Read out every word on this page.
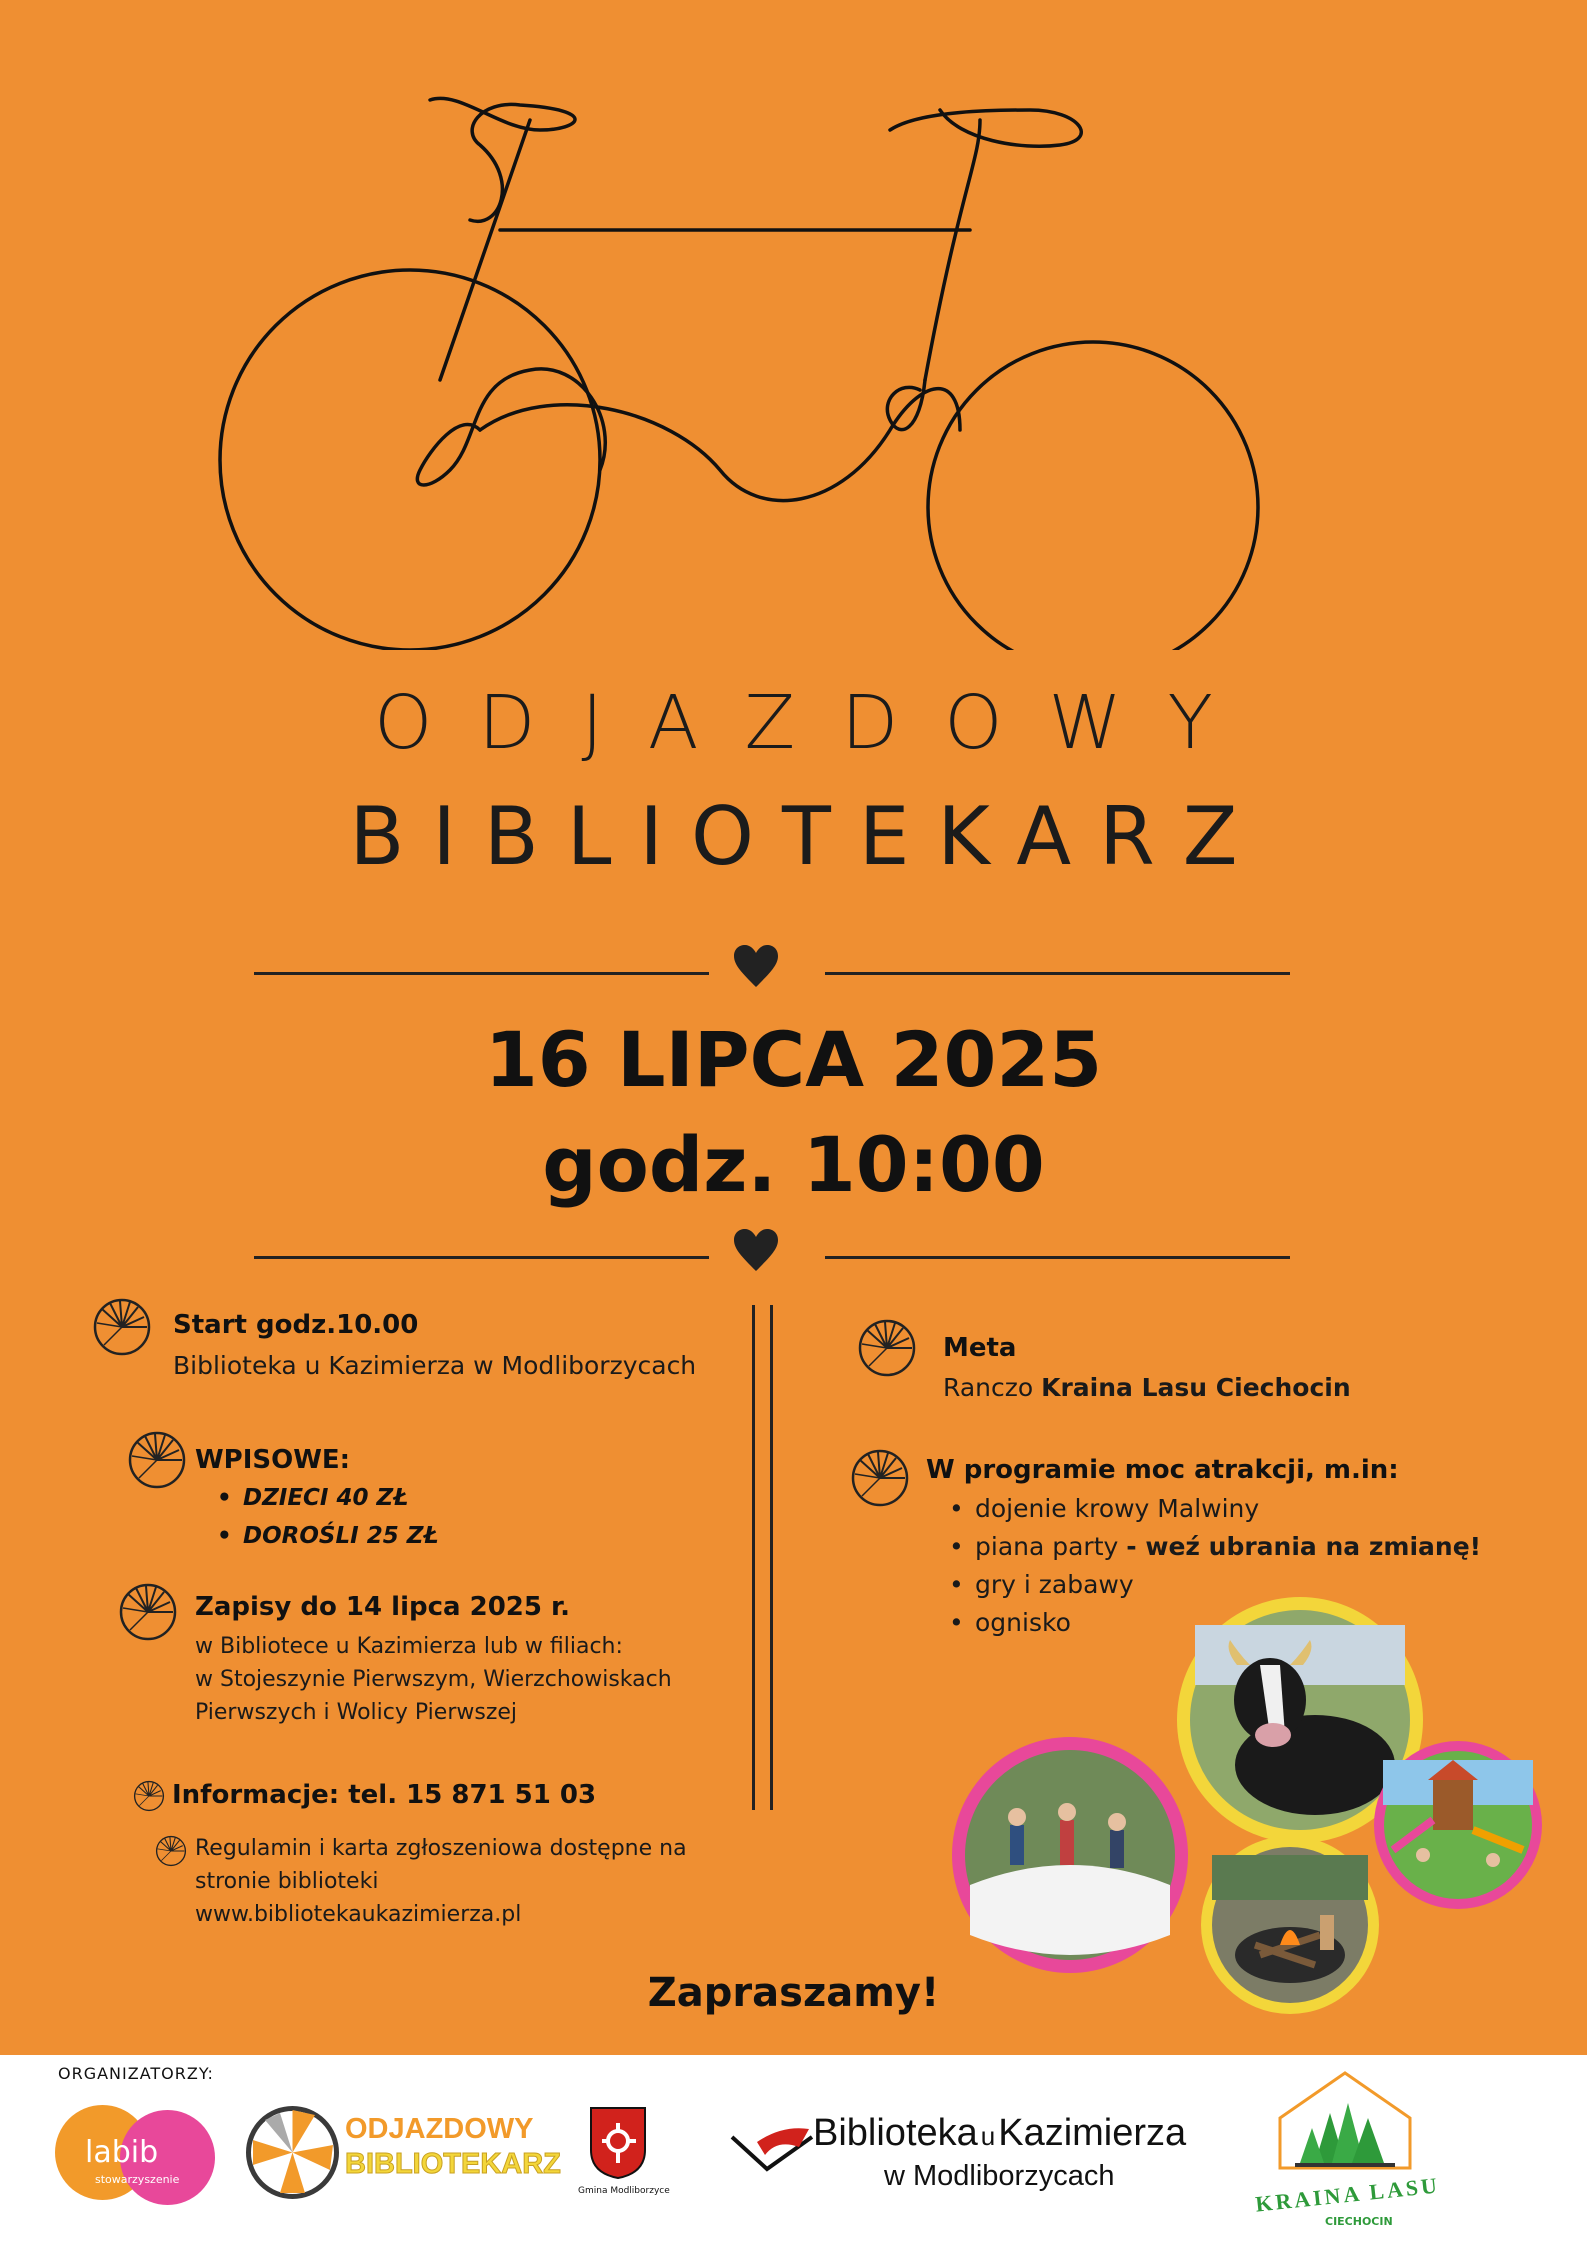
ODJAZDOWY
BIBLIOTEKARZ
16 LIPCA 2025
godz. 10:00
Start godz.10.00
Biblioteka u Kazimierza w Modliborzycach
WPISOWE:
• DZIECI 40 ZŁ
• DOROŚLI 25 ZŁ
Zapisy do 14 lipca 2025 r.
w Bibliotece u Kazimierza lub w filiach:
w Stojeszynie Pierwszym, Wierzchowiskach
Pierwszych i Wolicy Pierwszej
Informacje: tel. 15 871 51 03
Regulamin i karta zgłoszeniowa dostępne na
stronie biblioteki
www.bibliotekaukazimierza.pl
Meta
Ranczo Kraina Lasu Ciechocin
W programie moc atrakcji, m.in:
• dojenie krowy Malwiny
• piana party - weź ubrania na zmianę!
• gry i zabawy
• ognisko
Zapraszamy!
ORGANIZATORZY:
labib
stowarzyszenie
ODJAZDOWY
BIBLIOTEKARZ
Gmina Modliborzyce
Biblioteka uKazimierza
w Modliborzycach	KRAINA LASU
CIECHOCIN
